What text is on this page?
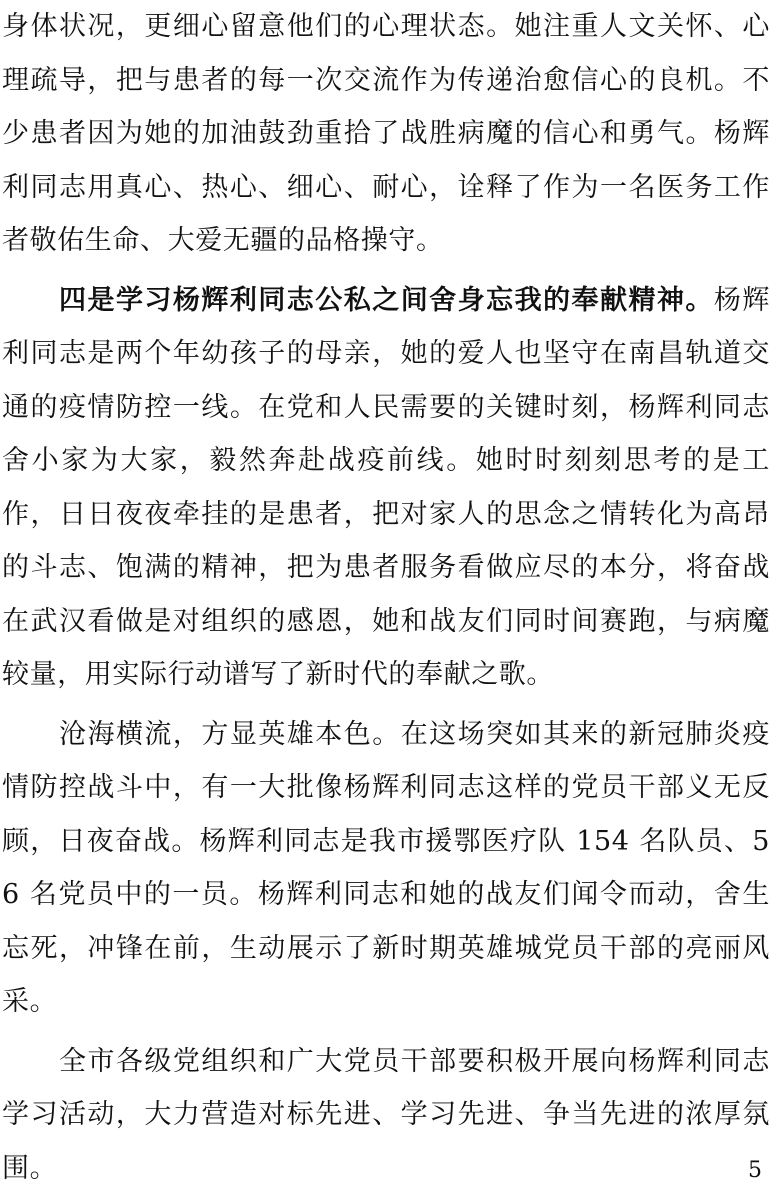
身体状况，更细心留意他们的心理状态。她注重人文关怀、心理疏导，把与患者的每一次交流作为传递治愈信心的良机。不少患者因为她的加油鼓劲重拾了战胜病魔的信心和勇气。杨辉利同志用真心、热心、细心、耐心，诠释了作为一名医务工作者敬佑生命、大爱无疆的品格操守。

四是学习杨辉利同志公私之间舍身忘我的奉献精神。杨辉利同志是两个年幼孩子的母亲，她的爱人也坚守在南昌轨道交通的疫情防控一线。在党和人民需要的关键时刻，杨辉利同志舍小家为大家，毅然奔赴战疫前线。她时时刻刻思考的是工作，日日夜夜牵挂的是患者，把对家人的思念之情转化为高昂的斗志、饱满的精神，把为患者服务看做应尽的本分，将奋战在武汉看做是对组织的感恩，她和战友们同时间赛跑，与病魔较量，用实际行动谱写了新时代的奉献之歌。

沧海横流，方显英雄本色。在这场突如其来的新冠肺炎疫情防控战斗中，有一大批像杨辉利同志这样的党员干部义无反顾，日夜奋战。杨辉利同志是我市援鄂医疗队 154 名队员、56 名党员中的一员。杨辉利同志和她的战友们闻令而动，舍生忘死，冲锋在前，生动展示了新时期英雄城党员干部的亮丽风采。

全市各级党组织和广大党员干部要积极开展向杨辉利同志学习活动，大力营造对标先进、学习先进、争当先进的浓厚氛围。	5
